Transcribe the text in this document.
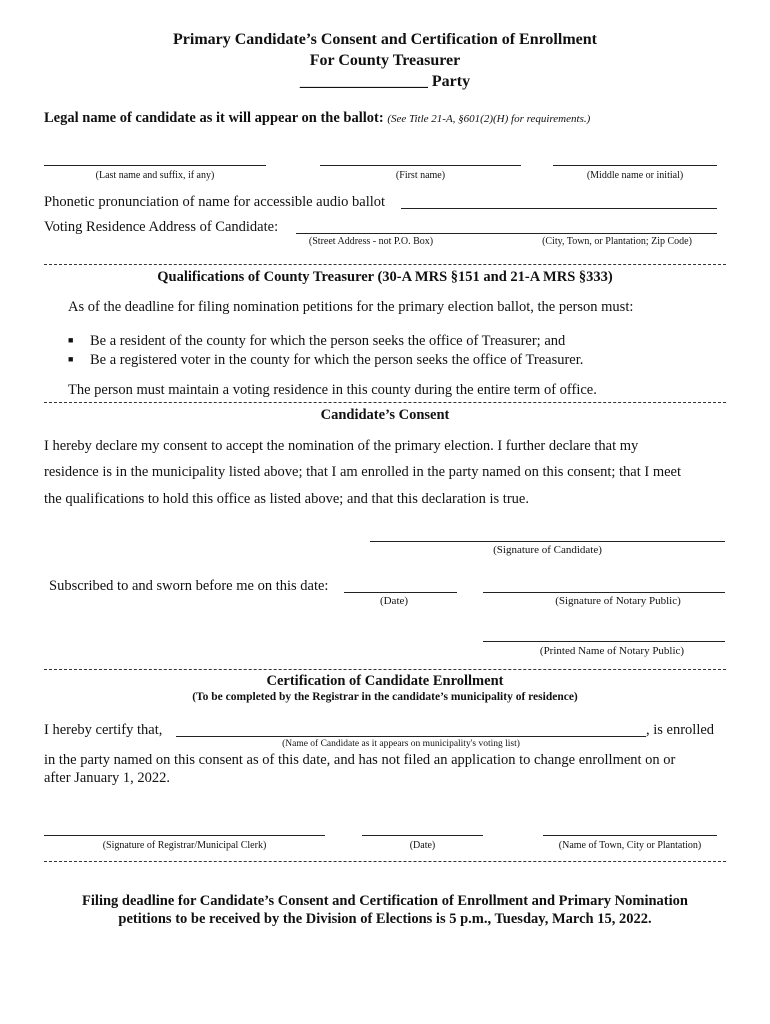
Primary Candidate’s Consent and Certification of Enrollment
For County Treasurer
________________ Party
Legal name of candidate as it will appear on the ballot: (See Title 21-A, §601(2)(H) for requirements.)
(Last name and suffix, if any)	(First name)	(Middle name or initial)
Phonetic pronunciation of name for accessible audio ballot
Voting Residence Address of Candidate:
(Street Address - not P.O. Box)	(City, Town, or Plantation; Zip Code)
Qualifications of County Treasurer (30-A MRS §151 and 21-A MRS §333)
As of the deadline for filing nomination petitions for the primary election ballot, the person must:
■ Be a resident of the county for which the person seeks the office of Treasurer; and
■ Be a registered voter in the county for which the person seeks the office of Treasurer.
The person must maintain a voting residence in this county during the entire term of office.
Candidate’s Consent
I hereby declare my consent to accept the nomination of the primary election. I further declare that my
residence is in the municipality listed above; that I am enrolled in the party named on this consent; that I meet
the qualifications to hold this office as listed above; and that this declaration is true.
(Signature of Candidate)
Subscribed to and sworn before me on this date:
(Date)	(Signature of Notary Public)
(Printed Name of Notary Public)
Certification of Candidate Enrollment
(To be completed by the Registrar in the candidate’s municipality of residence)
I hereby certify that,	, is enrolled
(Name of Candidate as it appears on municipality's voting list)
in the party named on this consent as of this date, and has not filed an application to change enrollment on or
after January 1, 2022.
(Signature of Registrar/Municipal Clerk)	(Date)	(Name of Town, City or Plantation)
Filing deadline for Candidate’s Consent and Certification of Enrollment and Primary Nomination
petitions to be received by the Division of Elections is 5 p.m., Tuesday, March 15, 2022.
